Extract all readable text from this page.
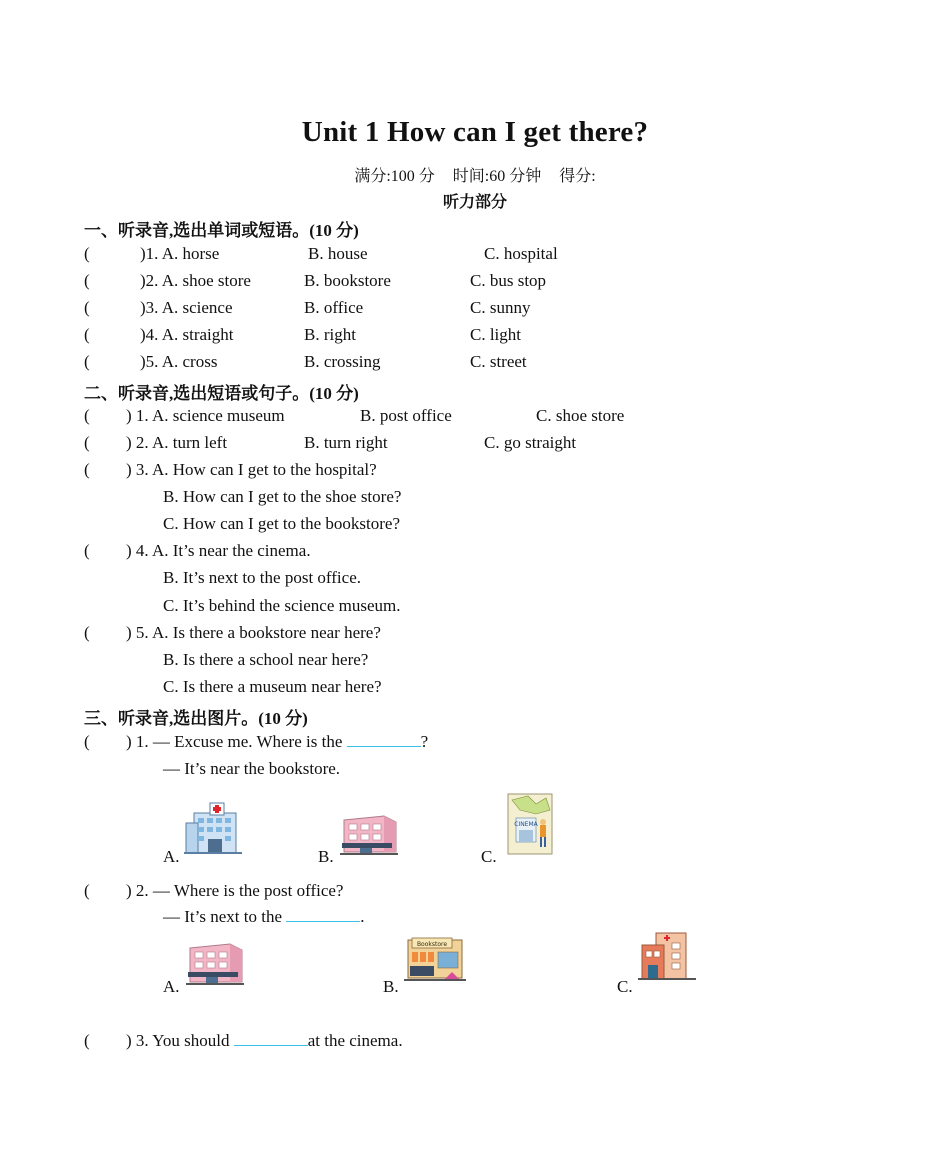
Unit 1 How can I get there?
满分:100 分 时间:60 分钟 得分:
听力部分
一、听录音,选出单词或短语。(10 分)
(	)1. A. horse	B. house	C. hospital
(	)2. A. shoe store	B. bookstore	C. bus stop
(	)3. A. science	B. office	C. sunny
(	)4. A. straight	B. right	C. light
(	)5. A. cross	B. crossing	C. street
二、听录音,选出短语或句子。(10 分)
( ) 1. A. science museum	B. post office	C. shoe store
( ) 2. A. turn left	B. turn right	C. go straight
( ) 3. A. How can I get to the hospital?
B. How can I get to the shoe store?
C. How can I get to the bookstore?
( ) 4. A. It’s near the cinema.
B. It’s next to the post office.
C. It’s behind the science museum.
( ) 5. A. Is there a bookstore near here?
B. Is there a school near here?
C. Is there a museum near here?
三、听录音,选出图片。(10 分)
( ) 1. — Excuse me. Where is the	?
— It’s near the bookstore.
A.	B.	C.
CINEMA
( ) 2. — Where is the post office?
— It’s next to the	.
A.	B.
Bookstore
C.
( ) 3. You should	at the cinema.
